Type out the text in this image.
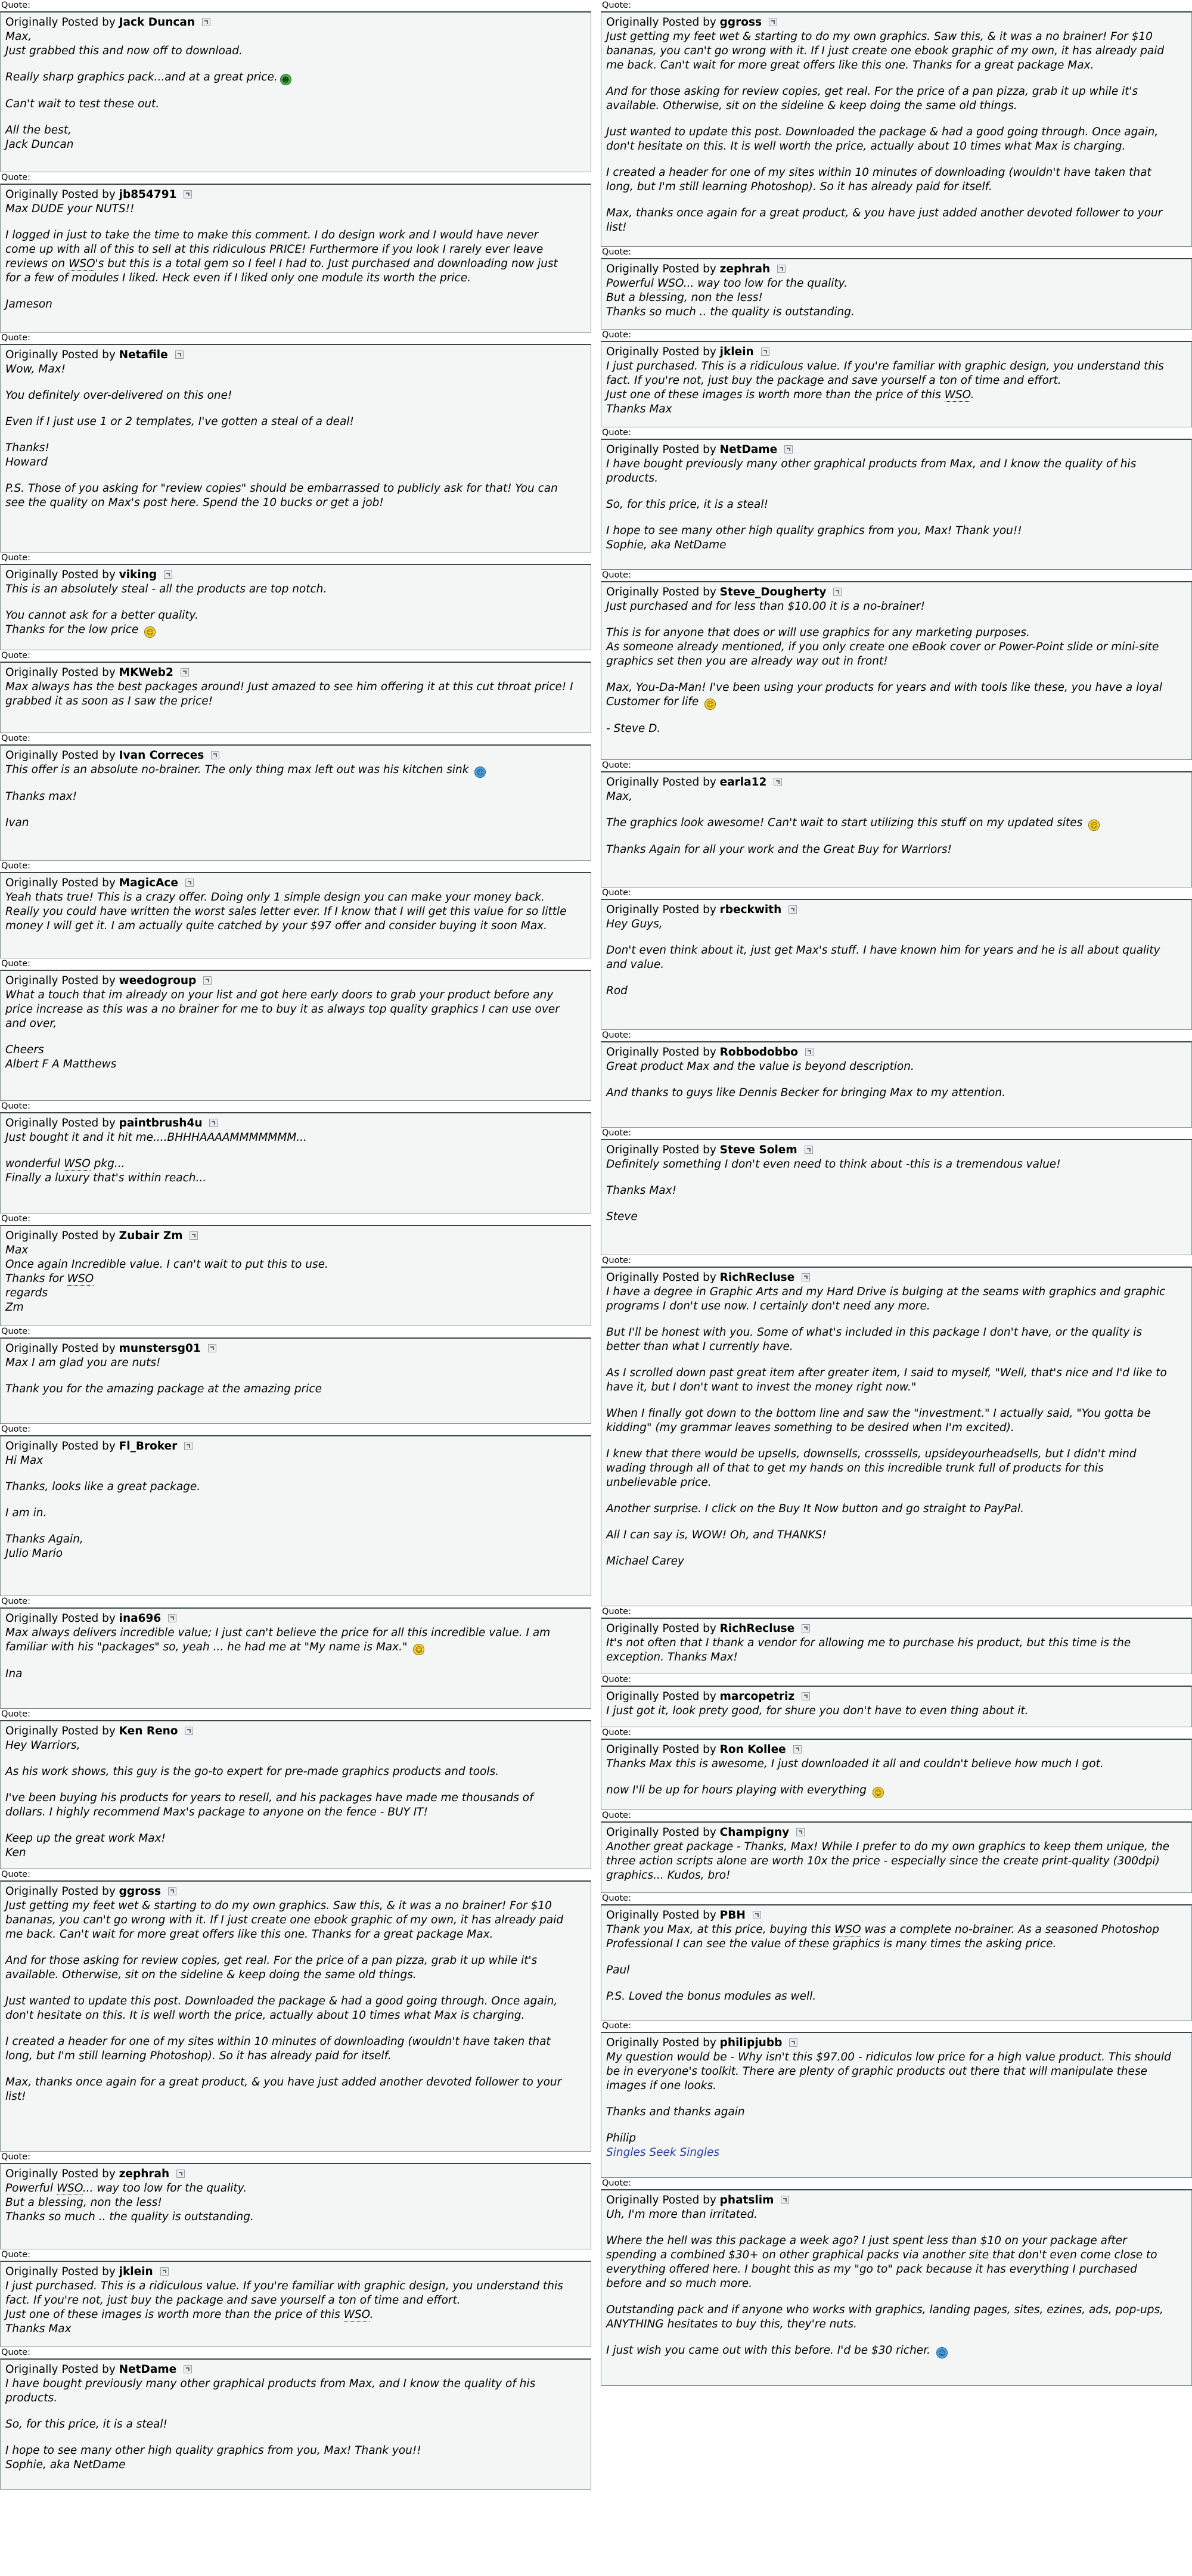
Quote:
Originally Posted by Jack Duncan
Max,
Just grabbed this and now off to download.
Really sharp graphics pack...and at a great price. ☻
Can't wait to test these out.
All the best,
Jack Duncan
Quote:
Originally Posted by jb854791
Max DUDE your NUTS!!
I logged in just to take the time to make this comment. I do design work and I would have never
come up with all of this to sell at this ridiculous PRICE! Furthermore if you look I rarely ever leave
reviews on WSO's but this is a total gem so I feel I had to. Just purchased and downloading now just
for a few of modules I liked. Heck even if I liked only one module its worth the price.
Jameson
Quote:
Originally Posted by Netafile
Wow, Max!
You definitely over-delivered on this one!
Even if I just use 1 or 2 templates, I've gotten a steal of a deal!
Thanks!
Howard
P.S. Those of you asking for "review copies" should be embarrassed to publicly ask for that! You can
see the quality on Max's post here. Spend the 10 bucks or get a job!
Quote:
Originally Posted by viking
This is an absolutely steal - all the products are top notch.
You cannot ask for a better quality.
Thanks for the low price ☺
Quote:
Originally Posted by MKWeb2
Max always has the best packages around! Just amazed to see him offering it at this cut throat price! I
grabbed it as soon as I saw the price!
Quote:
Originally Posted by Ivan Correces
This offer is an absolute no-brainer. The only thing max left out was his kitchen sink ☺
Thanks max!
Ivan
Quote:
Originally Posted by MagicAce
Yeah thats true! This is a crazy offer. Doing only 1 simple design you can make your money back.
Really you could have written the worst sales letter ever. If I know that I will get this value for so little
money I will get it. I am actually quite catched by your $97 offer and consider buying it soon Max.
Quote:
Originally Posted by weedogroup
What a touch that im already on your list and got here early doors to grab your product before any
price increase as this was a no brainer for me to buy it as always top quality graphics I can use over
and over,
Cheers
Albert F A Matthews
Quote:
Originally Posted by paintbrush4u
Just bought it and it hit me....BHHHAAAAMMMMMMM...
wonderful WSO pkg...
Finally a luxury that's within reach...
Quote:
Originally Posted by Zubair Zm
Max
Once again Incredible value. I can't wait to put this to use.
Thanks for WSO
regards
Zm
Quote:
Originally Posted by munstersg01
Max I am glad you are nuts!
Thank you for the amazing package at the amazing price
Quote:
Originally Posted by Fl_Broker
Hi Max
Thanks, looks like a great package.
I am in.
Thanks Again,
Julio Mario
Quote:
Originally Posted by ina696
Max always delivers incredible value; I just can't believe the price for all this incredible value. I am
familiar with his "packages" so, yeah ... he had me at "My name is Max." ☺
Ina
Quote:
Originally Posted by Ken Reno
Hey Warriors,
As his work shows, this guy is the go-to expert for pre-made graphics products and tools.
I've been buying his products for years to resell, and his packages have made me thousands of
dollars. I highly recommend Max's package to anyone on the fence - BUY IT!
Keep up the great work Max!
Ken
Quote:
Originally Posted by ggross
Just getting my feet wet & starting to do my own graphics. Saw this, & it was a no brainer! For $10
bananas, you can't go wrong with it. If I just create one ebook graphic of my own, it has already paid
me back. Can't wait for more great offers like this one. Thanks for a great package Max.
And for those asking for review copies, get real. For the price of a pan pizza, grab it up while it's
available. Otherwise, sit on the sideline & keep doing the same old things.
Just wanted to update this post. Downloaded the package & had a good going through. Once again,
don't hesitate on this. It is well worth the price, actually about 10 times what Max is charging.
I created a header for one of my sites within 10 minutes of downloading (wouldn't have taken that
long, but I'm still learning Photoshop). So it has already paid for itself.
Max, thanks once again for a great product, & you have just added another devoted follower to your
list!
Quote:
Originally Posted by zephrah
Powerful WSO... way too low for the quality.
But a blessing, non the less!
Thanks so much .. the quality is outstanding.
Quote:
Originally Posted by jklein
I just purchased. This is a ridiculous value. If you're familiar with graphic design, you understand this
fact. If you're not, just buy the package and save yourself a ton of time and effort.
Just one of these images is worth more than the price of this WSO.
Thanks Max
Quote:
Originally Posted by NetDame
I have bought previously many other graphical products from Max, and I know the quality of his
products.
So, for this price, it is a steal!
I hope to see many other high quality graphics from you, Max! Thank you!!
Sophie, aka NetDame
Quote:
Originally Posted by ggross
Just getting my feet wet & starting to do my own graphics. Saw this, & it was a no brainer! For $10
bananas, you can't go wrong with it. If I just create one ebook graphic of my own, it has already paid
me back. Can't wait for more great offers like this one. Thanks for a great package Max.
And for those asking for review copies, get real. For the price of a pan pizza, grab it up while it's
available. Otherwise, sit on the sideline & keep doing the same old things.
Just wanted to update this post. Downloaded the package & had a good going through. Once again,
don't hesitate on this. It is well worth the price, actually about 10 times what Max is charging.
I created a header for one of my sites within 10 minutes of downloading (wouldn't have taken that
long, but I'm still learning Photoshop). So it has already paid for itself.
Max, thanks once again for a great product, & you have just added another devoted follower to your
list!
Quote:
Originally Posted by zephrah
Powerful WSO... way too low for the quality.
But a blessing, non the less!
Thanks so much .. the quality is outstanding.
Quote:
Originally Posted by jklein
I just purchased. This is a ridiculous value. If you're familiar with graphic design, you understand this
fact. If you're not, just buy the package and save yourself a ton of time and effort.
Just one of these images is worth more than the price of this WSO.
Thanks Max
Quote:
Originally Posted by NetDame
I have bought previously many other graphical products from Max, and I know the quality of his
products.
So, for this price, it is a steal!
I hope to see many other high quality graphics from you, Max! Thank you!!
Sophie, aka NetDame
Quote:
Originally Posted by Steve_Dougherty
Just purchased and for less than $10.00 it is a no-brainer!
This is for anyone that does or will use graphics for any marketing purposes.
As someone already mentioned, if you only create one eBook cover or Power-Point slide or mini-site
graphics set then you are already way out in front!
Max, You-Da-Man! I've been using your products for years and with tools like these, you have a loyal
Customer for life ☺
- Steve D.
Quote:
Originally Posted by earla12
Max,
The graphics look awesome! Can't wait to start utilizing this stuff on my updated sites ☺
Thanks Again for all your work and the Great Buy for Warriors!
Quote:
Originally Posted by rbeckwith
Hey Guys,
Don't even think about it, just get Max's stuff. I have known him for years and he is all about quality
and value.
Rod
Quote:
Originally Posted by Robbodobbo
Great product Max and the value is beyond description.
And thanks to guys like Dennis Becker for bringing Max to my attention.
Quote:
Originally Posted by Steve Solem
Definitely something I don't even need to think about -this is a tremendous value!
Thanks Max!
Steve
Quote:
Originally Posted by RichRecluse
I have a degree in Graphic Arts and my Hard Drive is bulging at the seams with graphics and graphic
programs I don't use now. I certainly don't need any more.
But I'll be honest with you. Some of what's included in this package I don't have, or the quality is
better than what I currently have.
As I scrolled down past great item after greater item, I said to myself, "Well, that's nice and I'd like to
have it, but I don't want to invest the money right now."
When I finally got down to the bottom line and saw the "investment." I actually said, "You gotta be
kidding" (my grammar leaves something to be desired when I'm excited).
I knew that there would be upsells, downsells, crosssells, upsideyourheadsells, but I didn't mind
wading through all of that to get my hands on this incredible trunk full of products for this
unbelievable price.
Another surprise. I click on the Buy It Now button and go straight to PayPal.
All I can say is, WOW! Oh, and THANKS!
Michael Carey
Quote:
Originally Posted by RichRecluse
It's not often that I thank a vendor for allowing me to purchase his product, but this time is the
exception. Thanks Max!
Quote:
Originally Posted by marcopetriz
I just got it, look prety good, for shure you don't have to even thing about it.
Quote:
Originally Posted by Ron Kollee
Thanks Max this is awesome, I just downloaded it all and couldn't believe how much I got.
now I'll be up for hours playing with everything ☺
Quote:
Originally Posted by Champigny
Another great package - Thanks, Max! While I prefer to do my own graphics to keep them unique, the
three action scripts alone are worth 10x the price - especially since the create print-quality (300dpi)
graphics... Kudos, bro!
Quote:
Originally Posted by PBH
Thank you Max, at this price, buying this WSO was a complete no-brainer. As a seasoned Photoshop
Professional I can see the value of these graphics is many times the asking price.
Paul
P.S. Loved the bonus modules as well.
Quote:
Originally Posted by philipjubb
My question would be - Why isn't this $97.00 - ridiculos low price for a high value product. This should
be in everyone's toolkit. There are plenty of graphic products out there that will manipulate these
images if one looks.
Thanks and thanks again
Philip
Singles Seek Singles
Quote:
Originally Posted by phatslim
Uh, I'm more than irritated.
Where the hell was this package a week ago? I just spent less than $10 on your package after
spending a combined $30+ on other graphical packs via another site that don't even come close to
everything offered here. I bought this as my "go to" pack because it has everything I purchased
before and so much more.
Outstanding pack and if anyone who works with graphics, landing pages, sites, ezines, ads, pop-ups,
ANYTHING hesitates to buy this, they're nuts.
I just wish you came out with this before. I'd be $30 richer. ☺
